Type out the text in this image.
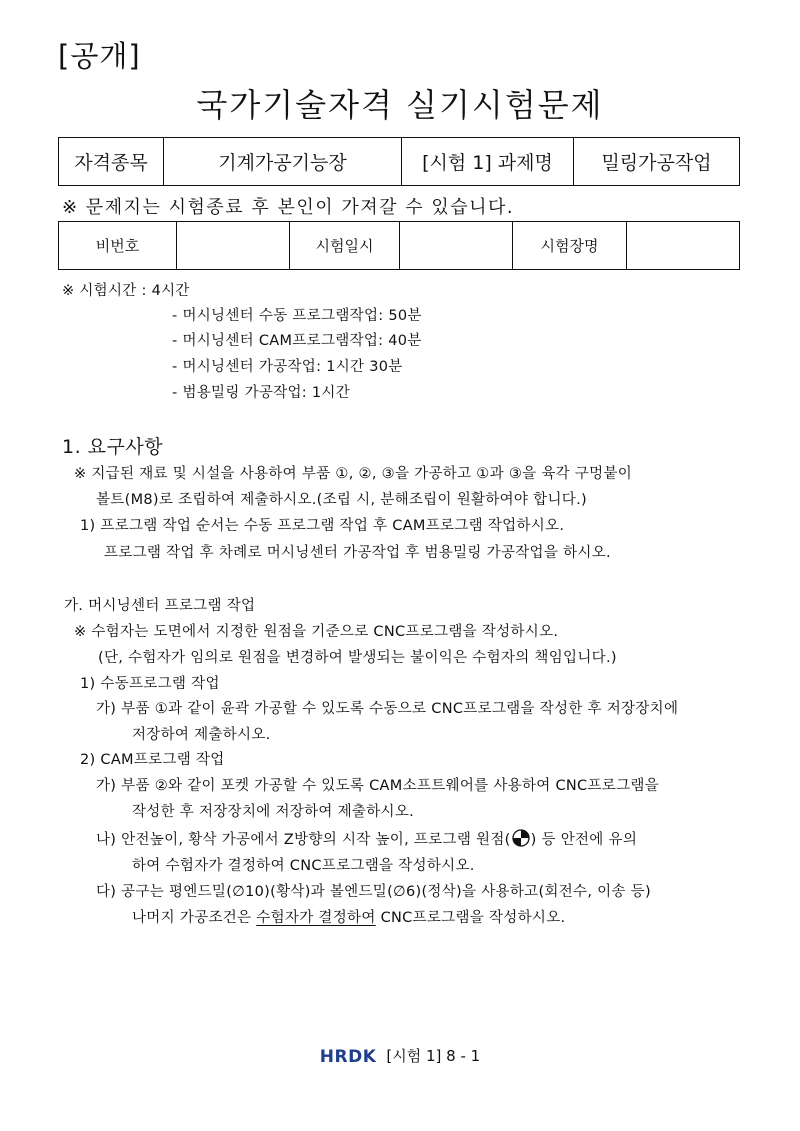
[공개]
국가기술자격 실기시험문제
자격종목	기계가공기능장	[시험 1] 과제명	밀링가공작업
※ 문제지는 시험종료 후 본인이 가져갈 수 있습니다.
비번호		시험일시		시험장명	
※ 시험시간 : 4시간
- 머시닝센터 수동 프로그램작업: 50분
- 머시닝센터 CAM프로그램작업: 40분
- 머시닝센터 가공작업: 1시간 30분
- 범용밀링 가공작업: 1시간
1. 요구사항
※ 지급된 재료 및 시설을 사용하여 부품 ①, ②, ③을 가공하고 ①과 ③을 육각 구멍붙이
볼트(M8)로 조립하여 제출하시오.(조립 시, 분해조립이 원활하여야 합니다.)
1) 프로그램 작업 순서는 수동 프로그램 작업 후 CAM프로그램 작업하시오.
프로그램 작업 후 차례로 머시닝센터 가공작업 후 범용밀링 가공작업을 하시오.
가. 머시닝센터 프로그램 작업
※ 수험자는 도면에서 지정한 원점을 기준으로 CNC프로그램을 작성하시오.
(단, 수험자가 임의로 원점을 변경하여 발생되는 불이익은 수험자의 책임입니다.)
1) 수동프로그램 작업
가) 부품 ①과 같이 윤곽 가공할 수 있도록 수동으로 CNC프로그램을 작성한 후 저장장치에
저장하여 제출하시오.
2) CAM프로그램 작업
가) 부품 ②와 같이 포켓 가공할 수 있도록 CAM소프트웨어를 사용하여 CNC프로그램을
작성한 후 저장장치에 저장하여 제출하시오.
나) 안전높이, 황삭 가공에서 Z방향의 시작 높이, 프로그램 원점( ) 등 안전에 유의
하여 수험자가 결정하여 CNC프로그램을 작성하시오.
다) 공구는 평엔드밀(∅10)(황삭)과 볼엔드밀(∅6)(정삭)을 사용하고(회전수, 이송 등)
나머지 가공조건은 수험자가 결정하여 CNC프로그램을 작성하시오.
HRDK [시험 1] 8 - 1
